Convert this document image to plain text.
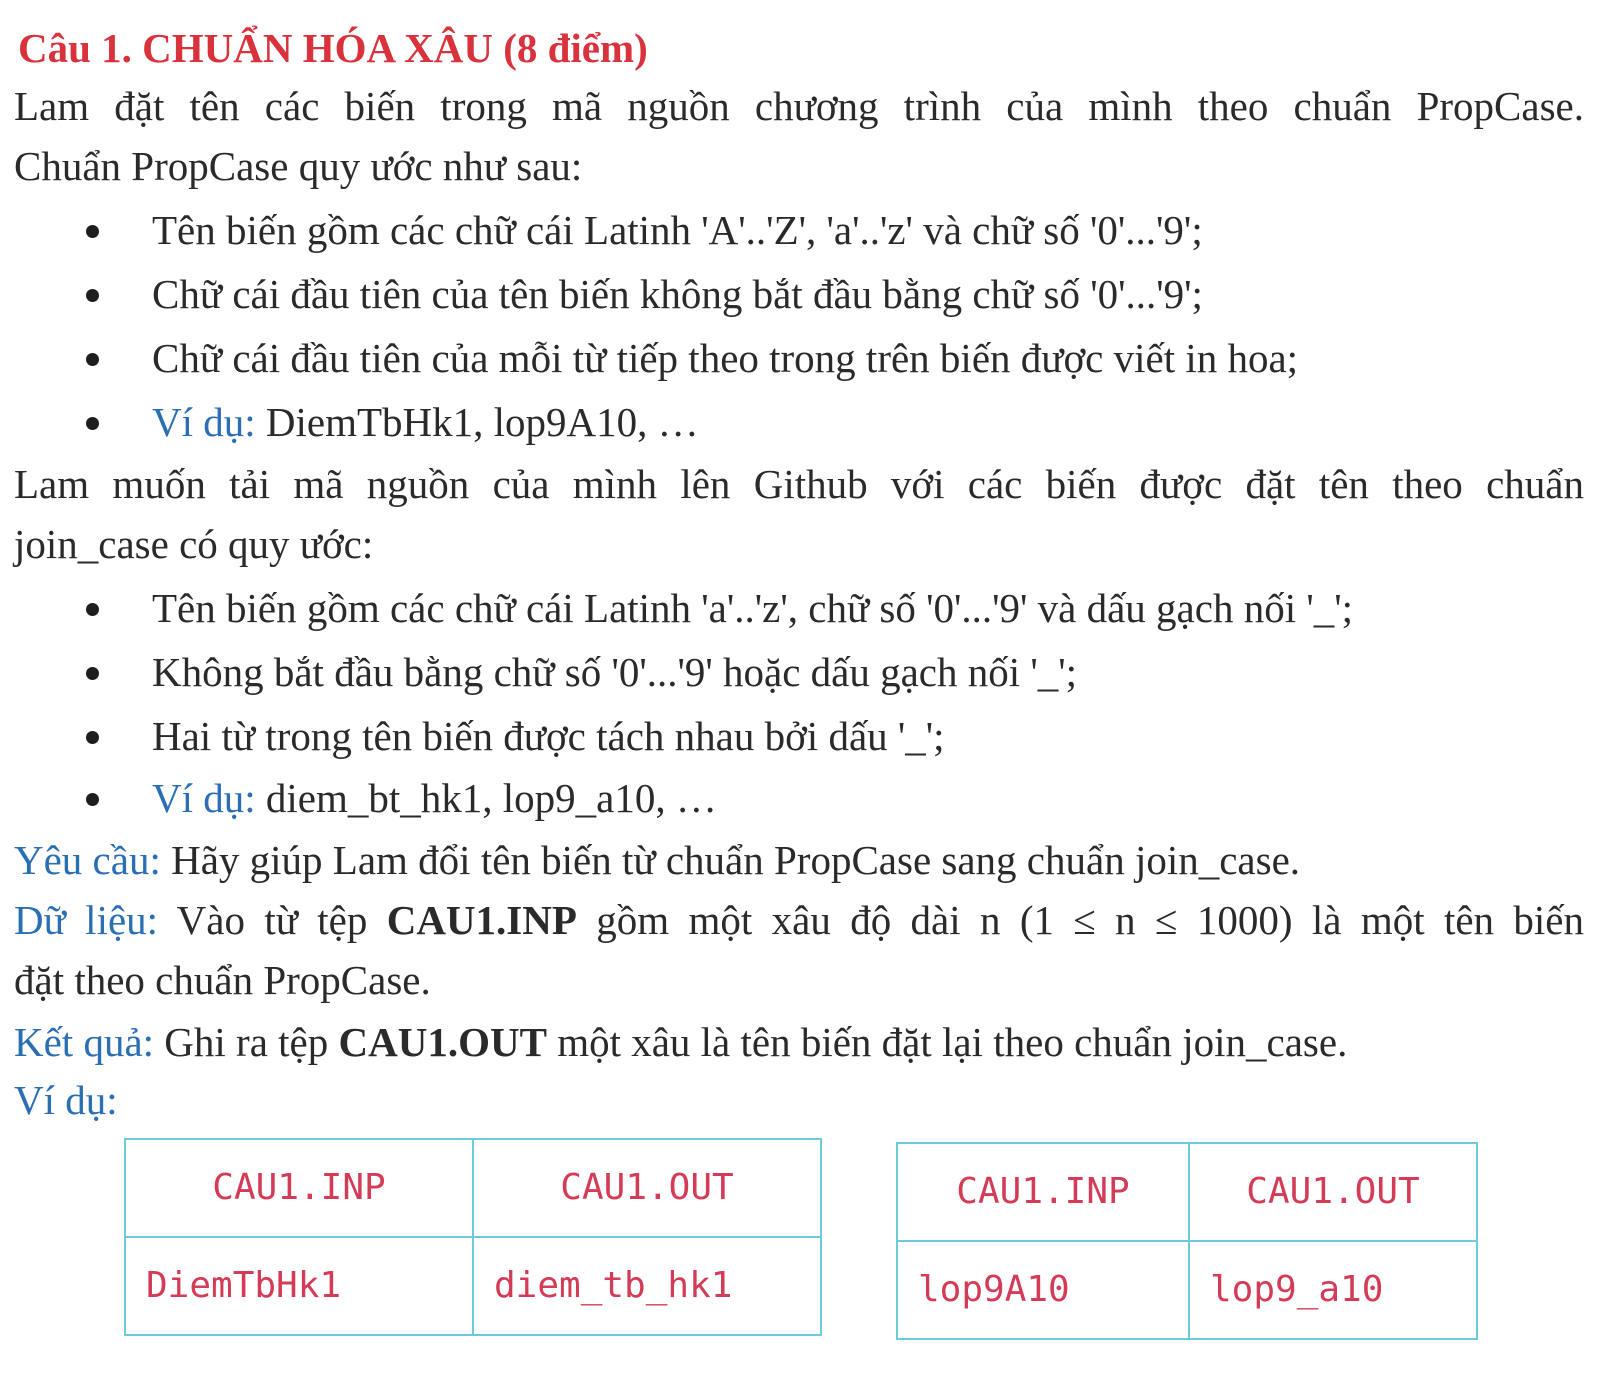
Câu 1. CHUẨN HÓA XÂU (8 điểm)
Lam đặt tên các biến trong mã nguồn chương trình của mình theo chuẩn PropCase.
Chuẩn PropCase quy ước như sau:
Tên biến gồm các chữ cái Latinh 'A'..'Z', 'a'..'z' và chữ số '0'...'9';
Chữ cái đầu tiên của tên biến không bắt đầu bằng chữ số '0'...'9';
Chữ cái đầu tiên của mỗi từ tiếp theo trong trên biến được viết in hoa;
Ví dụ: DiemTbHk1, lop9A10, …
Lam muốn tải mã nguồn của mình lên Github với các biến được đặt tên theo chuẩn
join_case có quy ước:
Tên biến gồm các chữ cái Latinh 'a'..'z', chữ số '0'...'9' và dấu gạch nối '_';
Không bắt đầu bằng chữ số '0'...'9' hoặc dấu gạch nối '_';
Hai từ trong tên biến được tách nhau bởi dấu '_';
Ví dụ: diem_bt_hk1, lop9_a10, …
Yêu cầu: Hãy giúp Lam đổi tên biến từ chuẩn PropCase sang chuẩn join_case.
Dữ liệu: Vào từ tệp CAU1.INP gồm một xâu độ dài n (1 ≤ n ≤ 1000) là một tên biến
đặt theo chuẩn PropCase.
Kết quả: Ghi ra tệp CAU1.OUT một xâu là tên biến đặt lại theo chuẩn join_case.
Ví dụ:
CAU1.INP	CAU1.OUT
DiemTbHk1	diem_tb_hk1
CAU1.INP	CAU1.OUT
lop9A10	lop9_a10
